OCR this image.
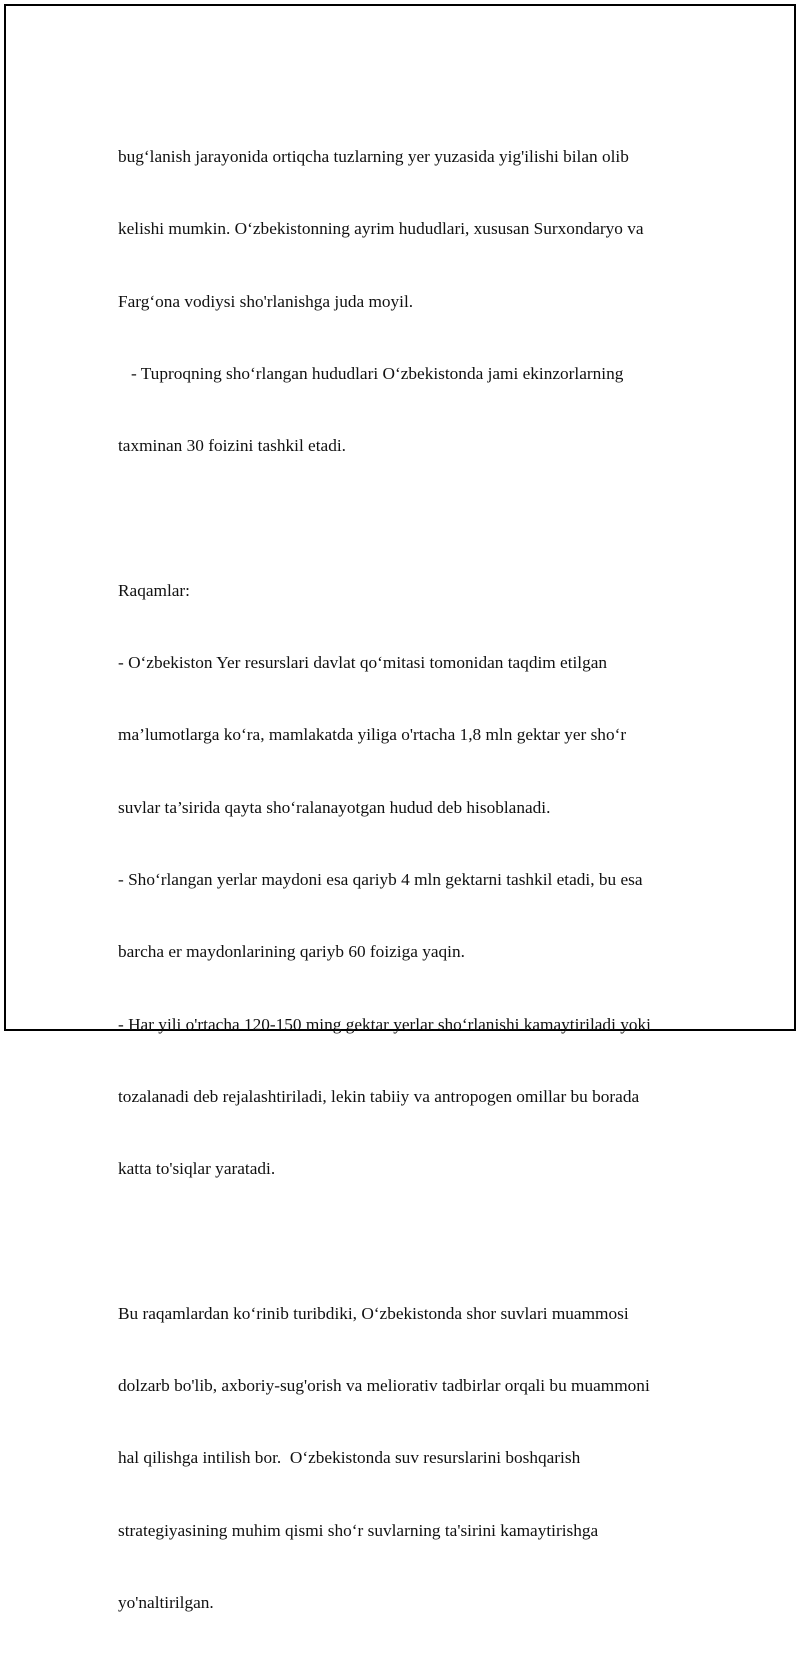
bug‘lanish jarayonida ortiqcha tuzlarning yer yuzasida yig'ilishi bilan olib

kelishi mumkin. O‘zbekistonning ayrim hududlari, xususan Surxondaryo va

Farg‘ona vodiysi sho'rlanishga juda moyil.

- Tuproqning sho‘rlangan hududlari O‘zbekistonda jami ekinzorlarning

taxminan 30 foizini tashkil etadi.

Raqamlar:

- O‘zbekiston Yer resurslari davlat qo‘mitasi tomonidan taqdim etilgan

ma’lumotlarga ko‘ra, mamlakatda yiliga o'rtacha 1,8 mln gektar yer sho‘r

suvlar ta’sirida qayta sho‘ralanayotgan hudud deb hisoblanadi.

- Sho‘rlangan yerlar maydoni esa qariyb 4 mln gektarni tashkil etadi, bu esa

barcha er maydonlarining qariyb 60 foiziga yaqin.

- Har yili o'rtacha 120-150 ming gektar yerlar sho‘rlanishi kamaytiriladi yoki

tozalanadi deb rejalashtiriladi, lekin tabiiy va antropogen omillar bu borada

katta to'siqlar yaratadi.

Bu raqamlardan ko‘rinib turibdiki, O‘zbekistonda shor suvlari muammosi

dolzarb bo'lib, axboriy-sug'orish va meliorativ tadbirlar orqali bu muammoni

hal qilishga intilish bor.  O‘zbekistonda suv resurslarini boshqarish

strategiyasining muhim qismi sho‘r suvlarning ta'sirini kamaytirishga

yo'naltirilgan.
